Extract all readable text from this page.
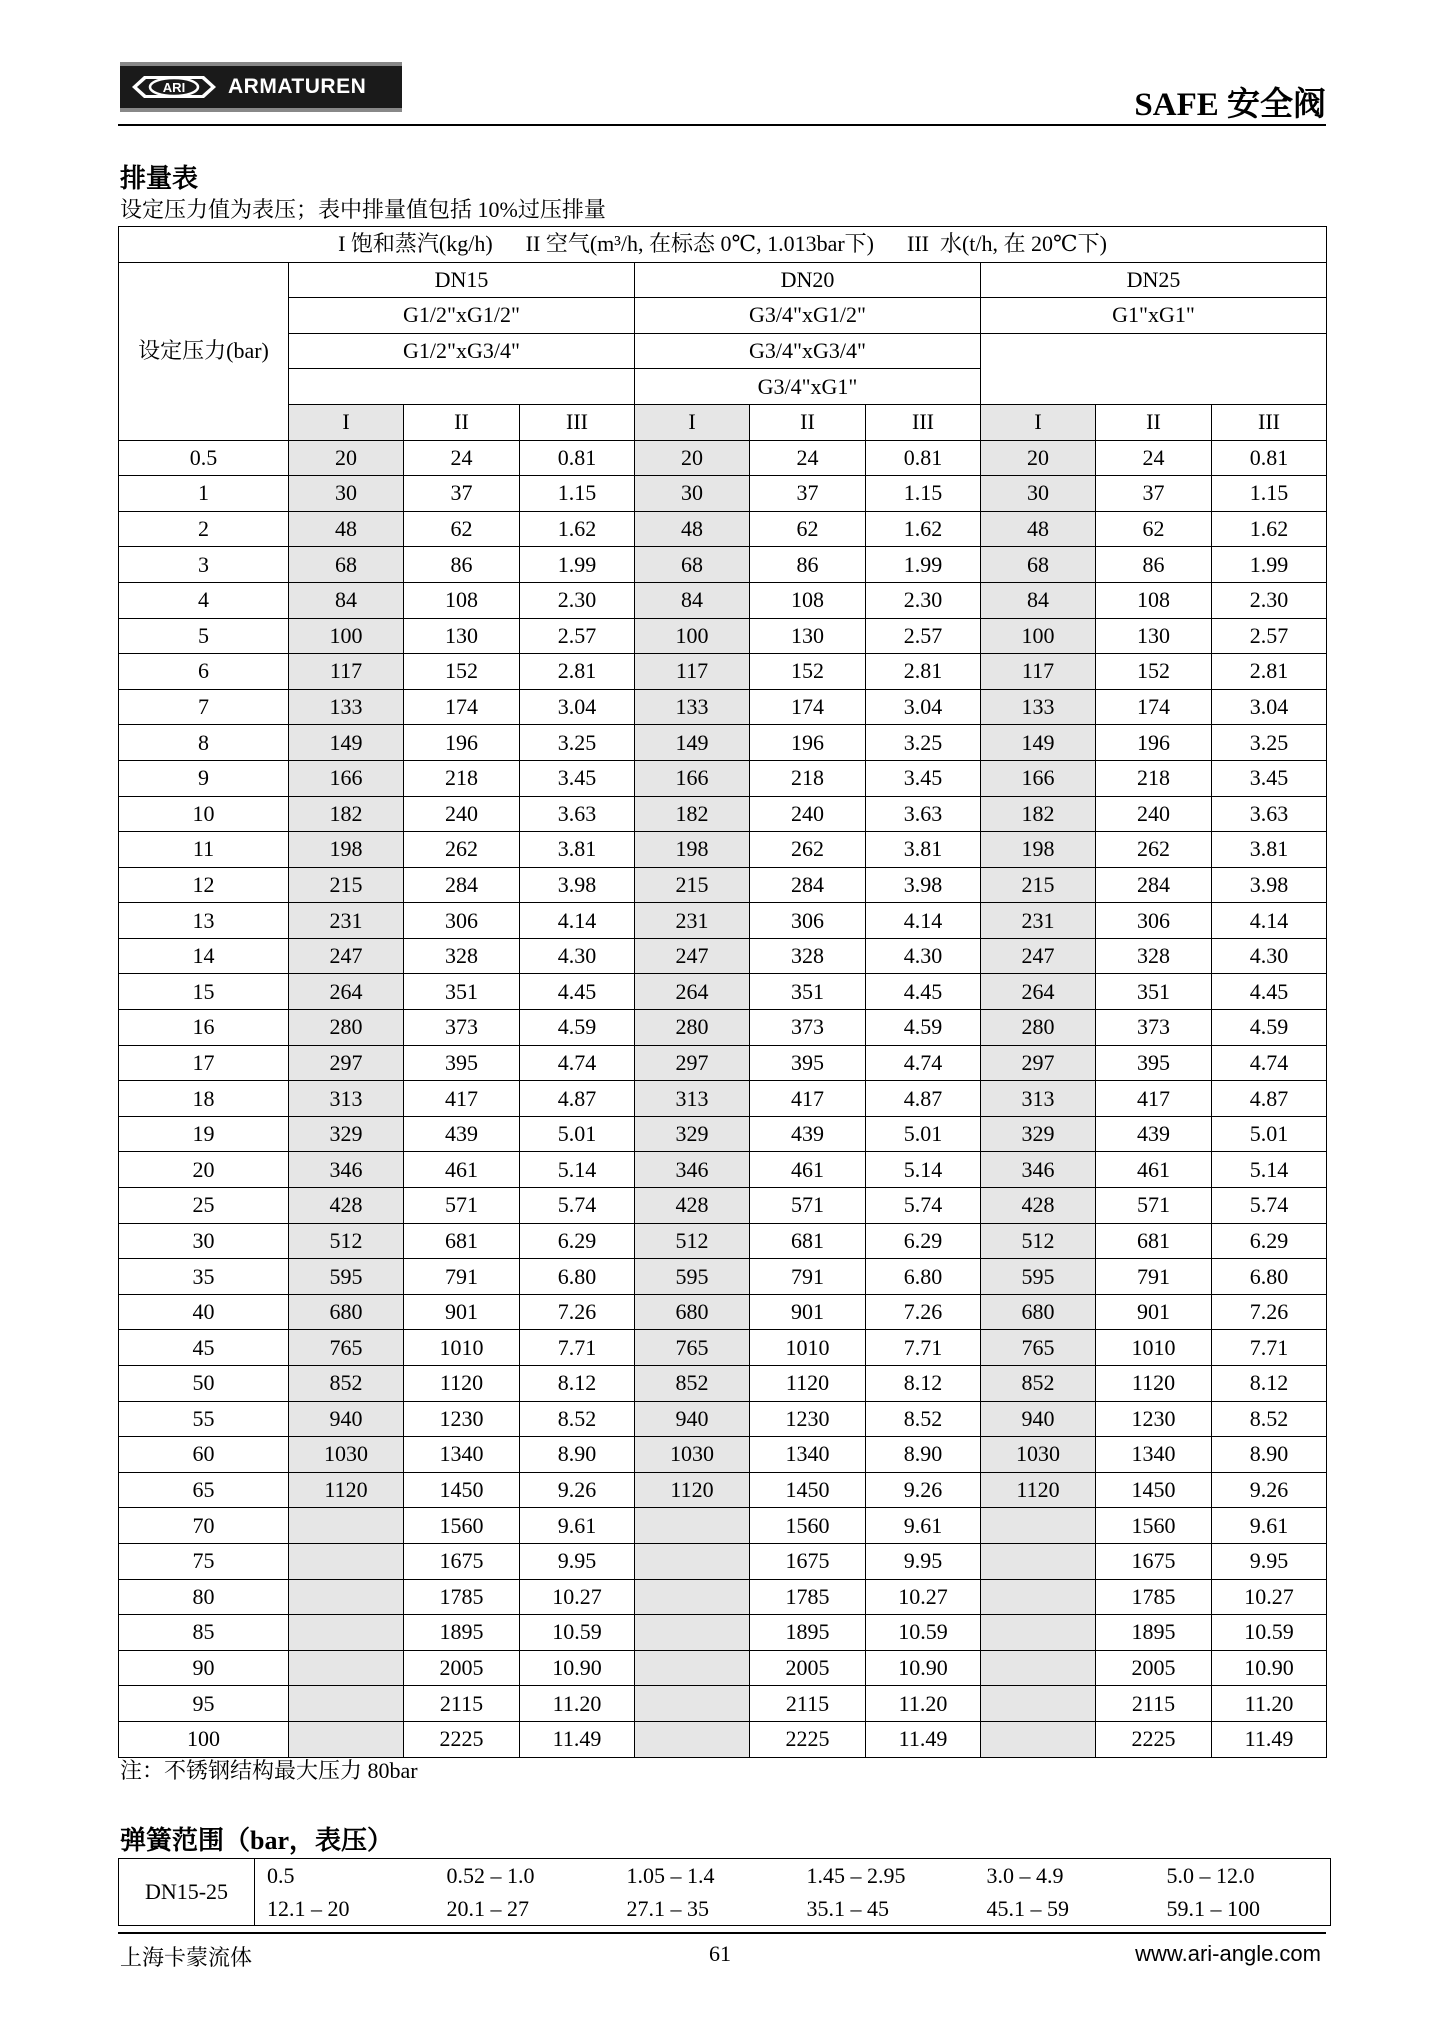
ARI ARMATUREN
SAFE 安全阀
排量表
设定压力值为表压；表中排量值包括 10%过压排量
I 饱和蒸汽(kg/h)      II 空气(m³/h, 在标态 0℃, 1.013bar下)      III  水(t/h, 在 20℃下)									
设定压力(bar)	DN15			DN20			DN25		
	G1/2"xG1/2"			G3/4"xG1/2"			G1"xG1"		
	G1/2"xG3/4"			G3/4"xG3/4"					
				G3/4"xG1"					
	I	II	III	I	II	III	I	II	III
0.5	20	24	0.81	20	24	0.81	20	24	0.81
1	30	37	1.15	30	37	1.15	30	37	1.15
2	48	62	1.62	48	62	1.62	48	62	1.62
3	68	86	1.99	68	86	1.99	68	86	1.99
4	84	108	2.30	84	108	2.30	84	108	2.30
5	100	130	2.57	100	130	2.57	100	130	2.57
6	117	152	2.81	117	152	2.81	117	152	2.81
7	133	174	3.04	133	174	3.04	133	174	3.04
8	149	196	3.25	149	196	3.25	149	196	3.25
9	166	218	3.45	166	218	3.45	166	218	3.45
10	182	240	3.63	182	240	3.63	182	240	3.63
11	198	262	3.81	198	262	3.81	198	262	3.81
12	215	284	3.98	215	284	3.98	215	284	3.98
13	231	306	4.14	231	306	4.14	231	306	4.14
14	247	328	4.30	247	328	4.30	247	328	4.30
15	264	351	4.45	264	351	4.45	264	351	4.45
16	280	373	4.59	280	373	4.59	280	373	4.59
17	297	395	4.74	297	395	4.74	297	395	4.74
18	313	417	4.87	313	417	4.87	313	417	4.87
19	329	439	5.01	329	439	5.01	329	439	5.01
20	346	461	5.14	346	461	5.14	346	461	5.14
25	428	571	5.74	428	571	5.74	428	571	5.74
30	512	681	6.29	512	681	6.29	512	681	6.29
35	595	791	6.80	595	791	6.80	595	791	6.80
40	680	901	7.26	680	901	7.26	680	901	7.26
45	765	1010	7.71	765	1010	7.71	765	1010	7.71
50	852	1120	8.12	852	1120	8.12	852	1120	8.12
55	940	1230	8.52	940	1230	8.52	940	1230	8.52
60	1030	1340	8.90	1030	1340	8.90	1030	1340	8.90
65	1120	1450	9.26	1120	1450	9.26	1120	1450	9.26
70		1560	9.61		1560	9.61		1560	9.61
75		1675	9.95		1675	9.95		1675	9.95
80		1785	10.27		1785	10.27		1785	10.27
85		1895	10.59		1895	10.59		1895	10.59
90		2005	10.90		2005	10.90		2005	10.90
95		2115	11.20		2115	11.20		2115	11.20
100		2225	11.49		2225	11.49		2225	11.49
注：不锈钢结构最大压力 80bar
弹簧范围（bar，表压）
DN15-25	0.5	0.52 – 1.0	1.05 – 1.4	1.45 – 2.95	3.0 – 4.9	5.0 – 12.0
	12.1 – 20	20.1 – 27	27.1 – 35	35.1 – 45	45.1 – 59	59.1 – 100
上海卡蒙流体	61	www.ari-angle.com
